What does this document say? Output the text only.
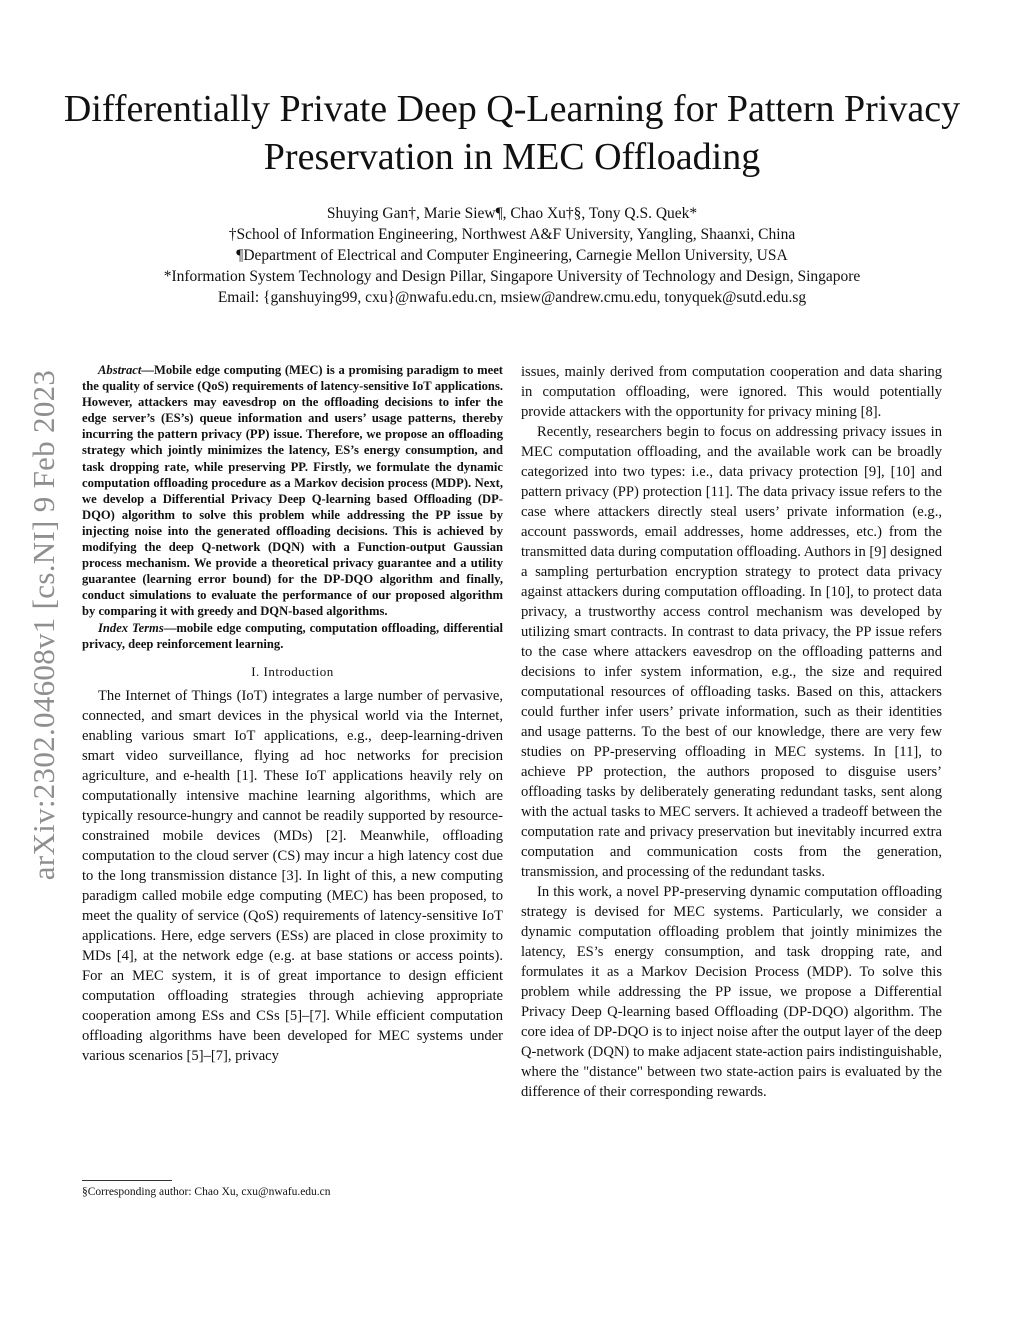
arXiv:2302.04608v1 [cs.NI] 9 Feb 2023
Differentially Private Deep Q-Learning for Pattern Privacy Preservation in MEC Offloading
Shuying Gan†, Marie Siew¶, Chao Xu†§, Tony Q.S. Quek*
†School of Information Engineering, Northwest A&F University, Yangling, Shaanxi, China
¶Department of Electrical and Computer Engineering, Carnegie Mellon University, USA
*Information System Technology and Design Pillar, Singapore University of Technology and Design, Singapore
Email: {ganshuying99, cxu}@nwafu.edu.cn, msiew@andrew.cmu.edu, tonyquek@sutd.edu.sg
Abstract—Mobile edge computing (MEC) is a promising paradigm to meet the quality of service (QoS) requirements of latency-sensitive IoT applications. However, attackers may eavesdrop on the offloading decisions to infer the edge server’s (ES’s) queue information and users’ usage patterns, thereby incurring the pattern privacy (PP) issue. Therefore, we propose an offloading strategy which jointly minimizes the latency, ES’s energy consumption, and task dropping rate, while preserving PP. Firstly, we formulate the dynamic computation offloading procedure as a Markov decision process (MDP). Next, we develop a Differential Privacy Deep Q-learning based Offloading (DP-DQO) algorithm to solve this problem while addressing the PP issue by injecting noise into the generated offloading decisions. This is achieved by modifying the deep Q-network (DQN) with a Function-output Gaussian process mechanism. We provide a theoretical privacy guarantee and a utility guarantee (learning error bound) for the DP-DQO algorithm and finally, conduct simulations to evaluate the performance of our proposed algorithm by comparing it with greedy and DQN-based algorithms.
Index Terms—mobile edge computing, computation offloading, differential privacy, deep reinforcement learning.
I. Introduction

The Internet of Things (IoT) integrates a large number of pervasive, connected, and smart devices in the physical world via the Internet, enabling various smart IoT applications, e.g., deep-learning-driven smart video surveillance, flying ad hoc networks for precision agriculture, and e-health [1]. These IoT applications heavily rely on computationally intensive machine learning algorithms, which are typically resource-hungry and cannot be readily supported by resource-constrained mobile devices (MDs) [2]. Meanwhile, offloading computation to the cloud server (CS) may incur a high latency cost due to the long transmission distance [3]. In light of this, a new computing paradigm called mobile edge computing (MEC) has been proposed, to meet the quality of service (QoS) requirements of latency-sensitive IoT applications. Here, edge servers (ESs) are placed in close proximity to MDs [4], at the network edge (e.g. at base stations or access points). For an MEC system, it is of great importance to design efficient computation offloading strategies through achieving appropriate cooperation among ESs and CSs [5]–[7]. While efficient computation offloading algorithms have been developed for MEC systems under various scenarios [5]–[7], privacy

issues, mainly derived from computation cooperation and data sharing in computation offloading, were ignored. This would potentially provide attackers with the opportunity for privacy mining [8].

Recently, researchers begin to focus on addressing privacy issues in MEC computation offloading, and the available work can be broadly categorized into two types: i.e., data privacy protection [9], [10] and pattern privacy (PP) protection [11]. The data privacy issue refers to the case where attackers directly steal users’ private information (e.g., account passwords, email addresses, home addresses, etc.) from the transmitted data during computation offloading. Authors in [9] designed a sampling perturbation encryption strategy to protect data privacy against attackers during computation offloading. In [10], to protect data privacy, a trustworthy access control mechanism was developed by utilizing smart contracts. In contrast to data privacy, the PP issue refers to the case where attackers eavesdrop on the offloading patterns and decisions to infer system information, e.g., the size and required computational resources of offloading tasks. Based on this, attackers could further infer users’ private information, such as their identities and usage patterns. To the best of our knowledge, there are very few studies on PP-preserving offloading in MEC systems. In [11], to achieve PP protection, the authors proposed to disguise users’ offloading tasks by deliberately generating redundant tasks, sent along with the actual tasks to MEC servers. It achieved a tradeoff between the computation rate and privacy preservation but inevitably incurred extra computation and communication costs from the generation, transmission, and processing of the redundant tasks.

In this work, a novel PP-preserving dynamic computation offloading strategy is devised for MEC systems. Particularly, we consider a dynamic computation offloading problem that jointly minimizes the latency, ES’s energy consumption, and task dropping rate, and formulates it as a Markov Decision Process (MDP). To solve this problem while addressing the PP issue, we propose a Differential Privacy Deep Q-learning based Offloading (DP-DQO) algorithm. The core idea of DP-DQO is to inject noise after the output layer of the deep Q-network (DQN) to make adjacent state-action pairs indistinguishable, where the "distance" between two state-action pairs is evaluated by the difference of their corresponding rewards.

§Corresponding author: Chao Xu, cxu@nwafu.edu.cn
